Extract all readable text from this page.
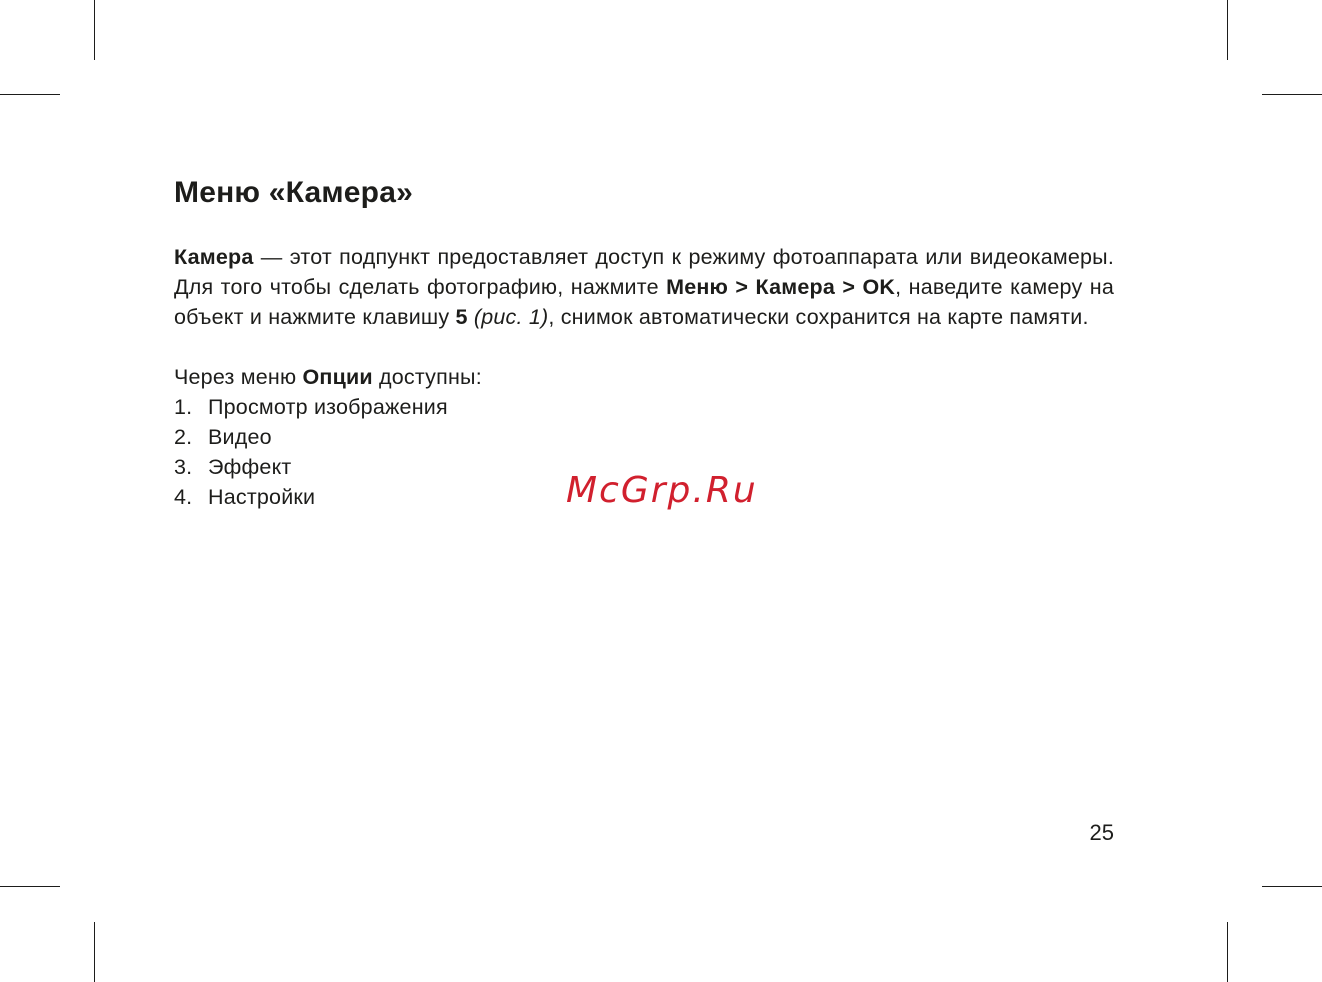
Меню «Камера»

Камера — этот подпункт предоставляет доступ к режиму фотоаппарата или видеокамеры. Для того чтобы сделать фотографию, нажмите Меню > Камера > OK, наведите камеру на объект и нажмите клавишу 5 (рис. 1), снимок автоматически сохранится на карте памяти.

Через меню Опции доступны:

1. Просмотр изображения
2. Видео
3. Эффект
4. Настройки	McGrp.Ru
25
